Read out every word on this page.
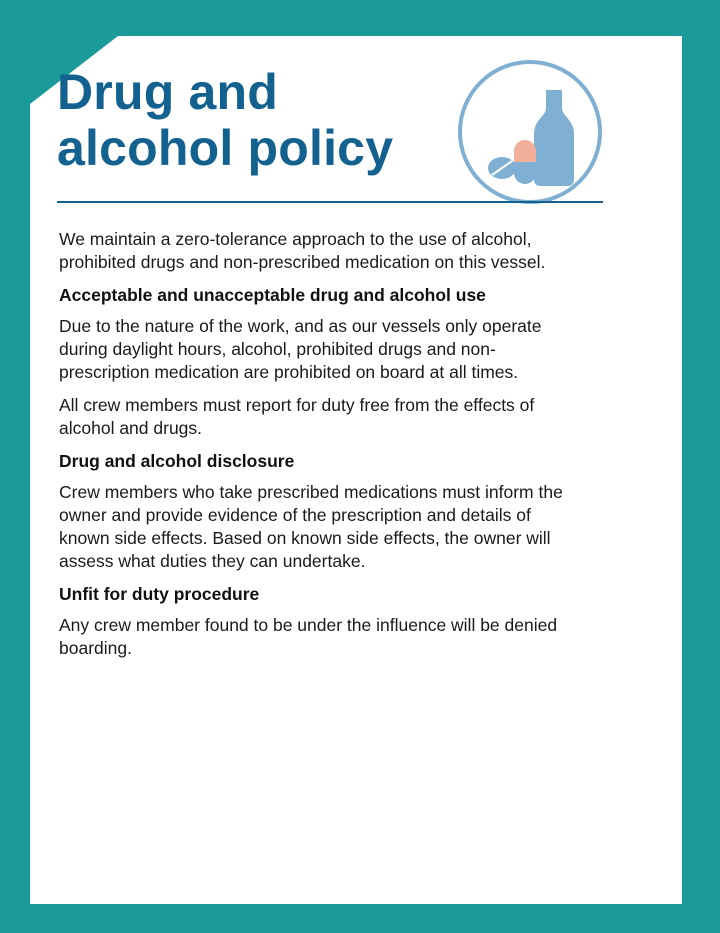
Drug and
alcohol policy

We maintain a zero-tolerance approach to the use of alcohol, prohibited drugs and non-prescribed medication on this vessel.

Acceptable and unacceptable drug and alcohol use

Due to the nature of the work, and as our vessels only operate during daylight hours, alcohol, prohibited drugs and non-prescription medication are prohibited on board at all times.

All crew members must report for duty free from the effects of alcohol and drugs.

Drug and alcohol disclosure

Crew members who take prescribed medications must inform the owner and provide evidence of the prescription and details of known side effects. Based on known side effects, the owner will assess what duties they can undertake.

Unfit for duty procedure

Any crew member found to be under the influence will be denied boarding.
